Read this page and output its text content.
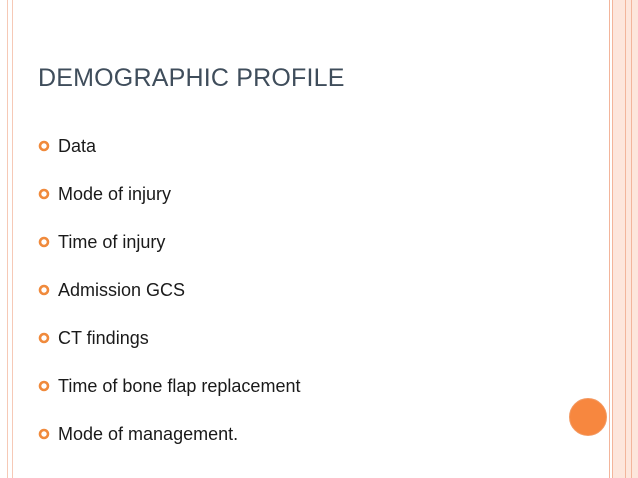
DEMOGRAPHIC PROFILE
Data
Mode of injury
Time of injury
Admission GCS
CT findings
Time of bone flap replacement
Mode of management.
